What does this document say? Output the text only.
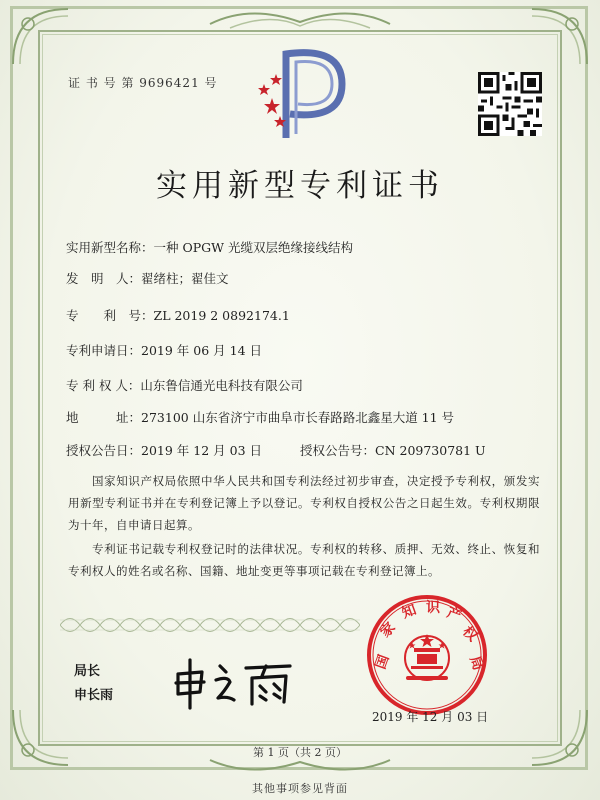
证 书 号 第 9696421 号
实用新型专利证书
实用新型名称：一种 OPGW 光缆双层绝缘接线结构
发　明　人：翟绪柱；翟佳文
专　　利　号：ZL 2019 2 0892174.1
专利申请日：2019 年 06 月 14 日
专 利 权 人：山东鲁信通光电科技有限公司
地　　　址：273100 山东省济宁市曲阜市长春路路北鑫星大道 11 号
授权公告日：2019 年 12 月 03 日	授权公告号：CN 209730781 U
国家知识产权局依照中华人民共和国专利法经过初步审查，决定授予专利权，颁发实用新型专利证书并在专利登记簿上予以登记。专利权自授权公告之日起生效。专利权期限为十年，自申请日起算。
专利证书记载专利权登记时的法律状况。专利权的转移、质押、无效、终止、恢复和专利权人的姓名或名称、国籍、地址变更等事项记载在专利登记簿上。
局长
申长雨
国
家
知 识 产
权
局
2019 年 12 月 03 日
第 1 页（共 2 页）
其他事项参见背面
